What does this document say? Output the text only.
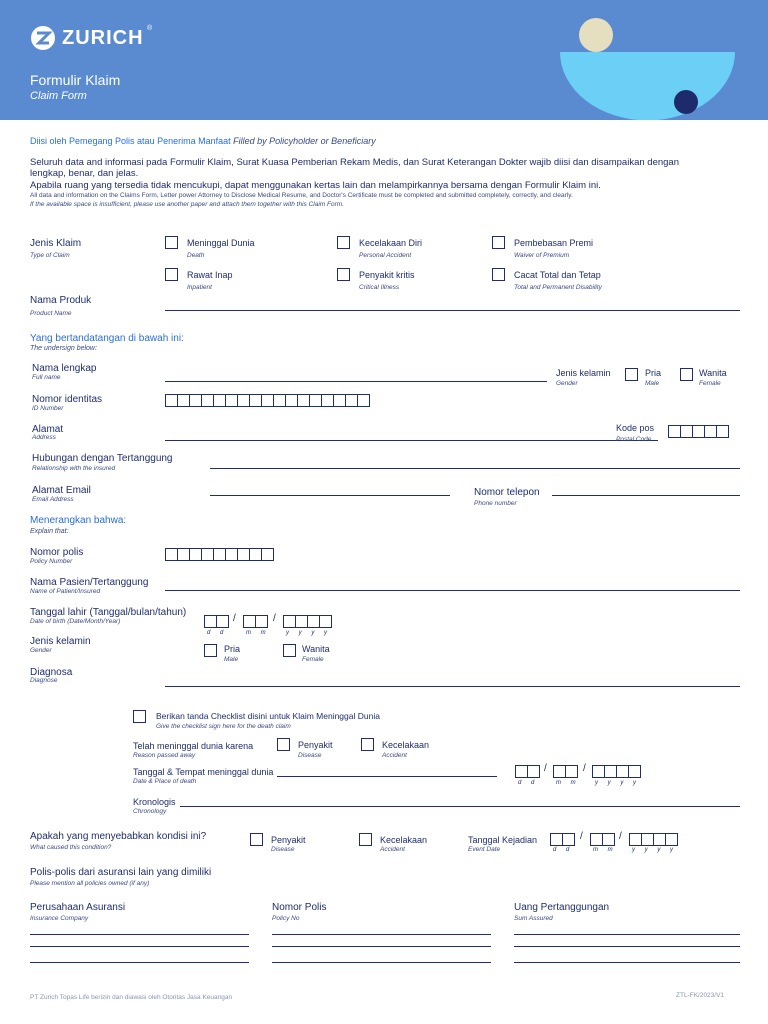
ZURICH ®
Formulir Klaim
Claim Form
Diisi oleh Pemegang Polis atau Penerima Manfaat Filled by Policyholder or Beneficiary
Seluruh data and informasi pada Formulir Klaim, Surat Kuasa Pemberian Rekam Medis, dan Surat Keterangan Dokter wajib diisi dan disampaikan dengan
lengkap, benar, dan jelas.
Apabila ruang yang tersedia tidak mencukupi, dapat menggunakan kertas lain dan melampirkannya bersama dengan Formulir Klaim ini.
All data and information on the Claims Form, Letter power Attorney to Disclose Medical Resume, and Doctor's Certificate must be completed and submitted completely, correctly, and clearly.
If the available space is insufficient, please use another paper and attach them together with this Claim Form.
Jenis Klaim
Type of Claim
Meninggal Dunia
Death
Kecelakaan Diri
Personal Accident
Pembebasan Premi
Waiver of Premium
Rawat Inap
Inpatient
Penyakit kritis
Critical Illness
Cacat Total dan Tetap
Total and Permanent Disability
Nama Produk
Product Name
Yang bertandatangan di bawah ini:
The undersign below:
Nama lengkap
Full name	Jenis kelamin
Gender
Pria
Male
Wanita
Female
Nomor identitas
ID Number
Alamat
Address
Kode pos
Postal Code
Hubungan dengan Tertanggung
Relationship with the insured
Alamat Email
Email Address
Nomor telepon
Phone number
Menerangkan bahwa:
Explain that:
Nomor polis
Policy Number
Nama Pasien/Tertanggung
Name of Patient/Insured
Tanggal lahir (Tanggal/bulan/tahun)
Date of birth (Date/Month/Year)	/	/
d d	m m	y y y y
Jenis kelamin
Gender	Pria
Male
Wanita
Female
Diagnosa
Diagnose
Berikan tanda Checklist disini untuk Klaim Meninggal Dunia
Give the checklist sign here for the death claim
Telah meninggal dunia karena
Reason passed away
Penyakit
Disease
Kecelakaan
Accident
Tanggal & Tempat meninggal dunia
Date & Place of death
/	/
d d	m m	y y y y
Kronologis
Chronology
Apakah yang menyebabkan kondisi ini?
What caused this condition?
Penyakit
Disease
Kecelakaan
Accident
Tanggal Kejadian
Event Date
/	/
d d	m m	y y y y
Polis-polis dari asuransi lain yang dimiliki
Please mention all policies owned (if any)
Perusahaan Asuransi
Insurance Company
Nomor Polis
Policy No
Uang Pertanggungan
Sum Assured
PT Zurich Topas Life berizin dan diawasi oleh Otoritas Jasa Keuangan	ZTL-FK/2023/V1
